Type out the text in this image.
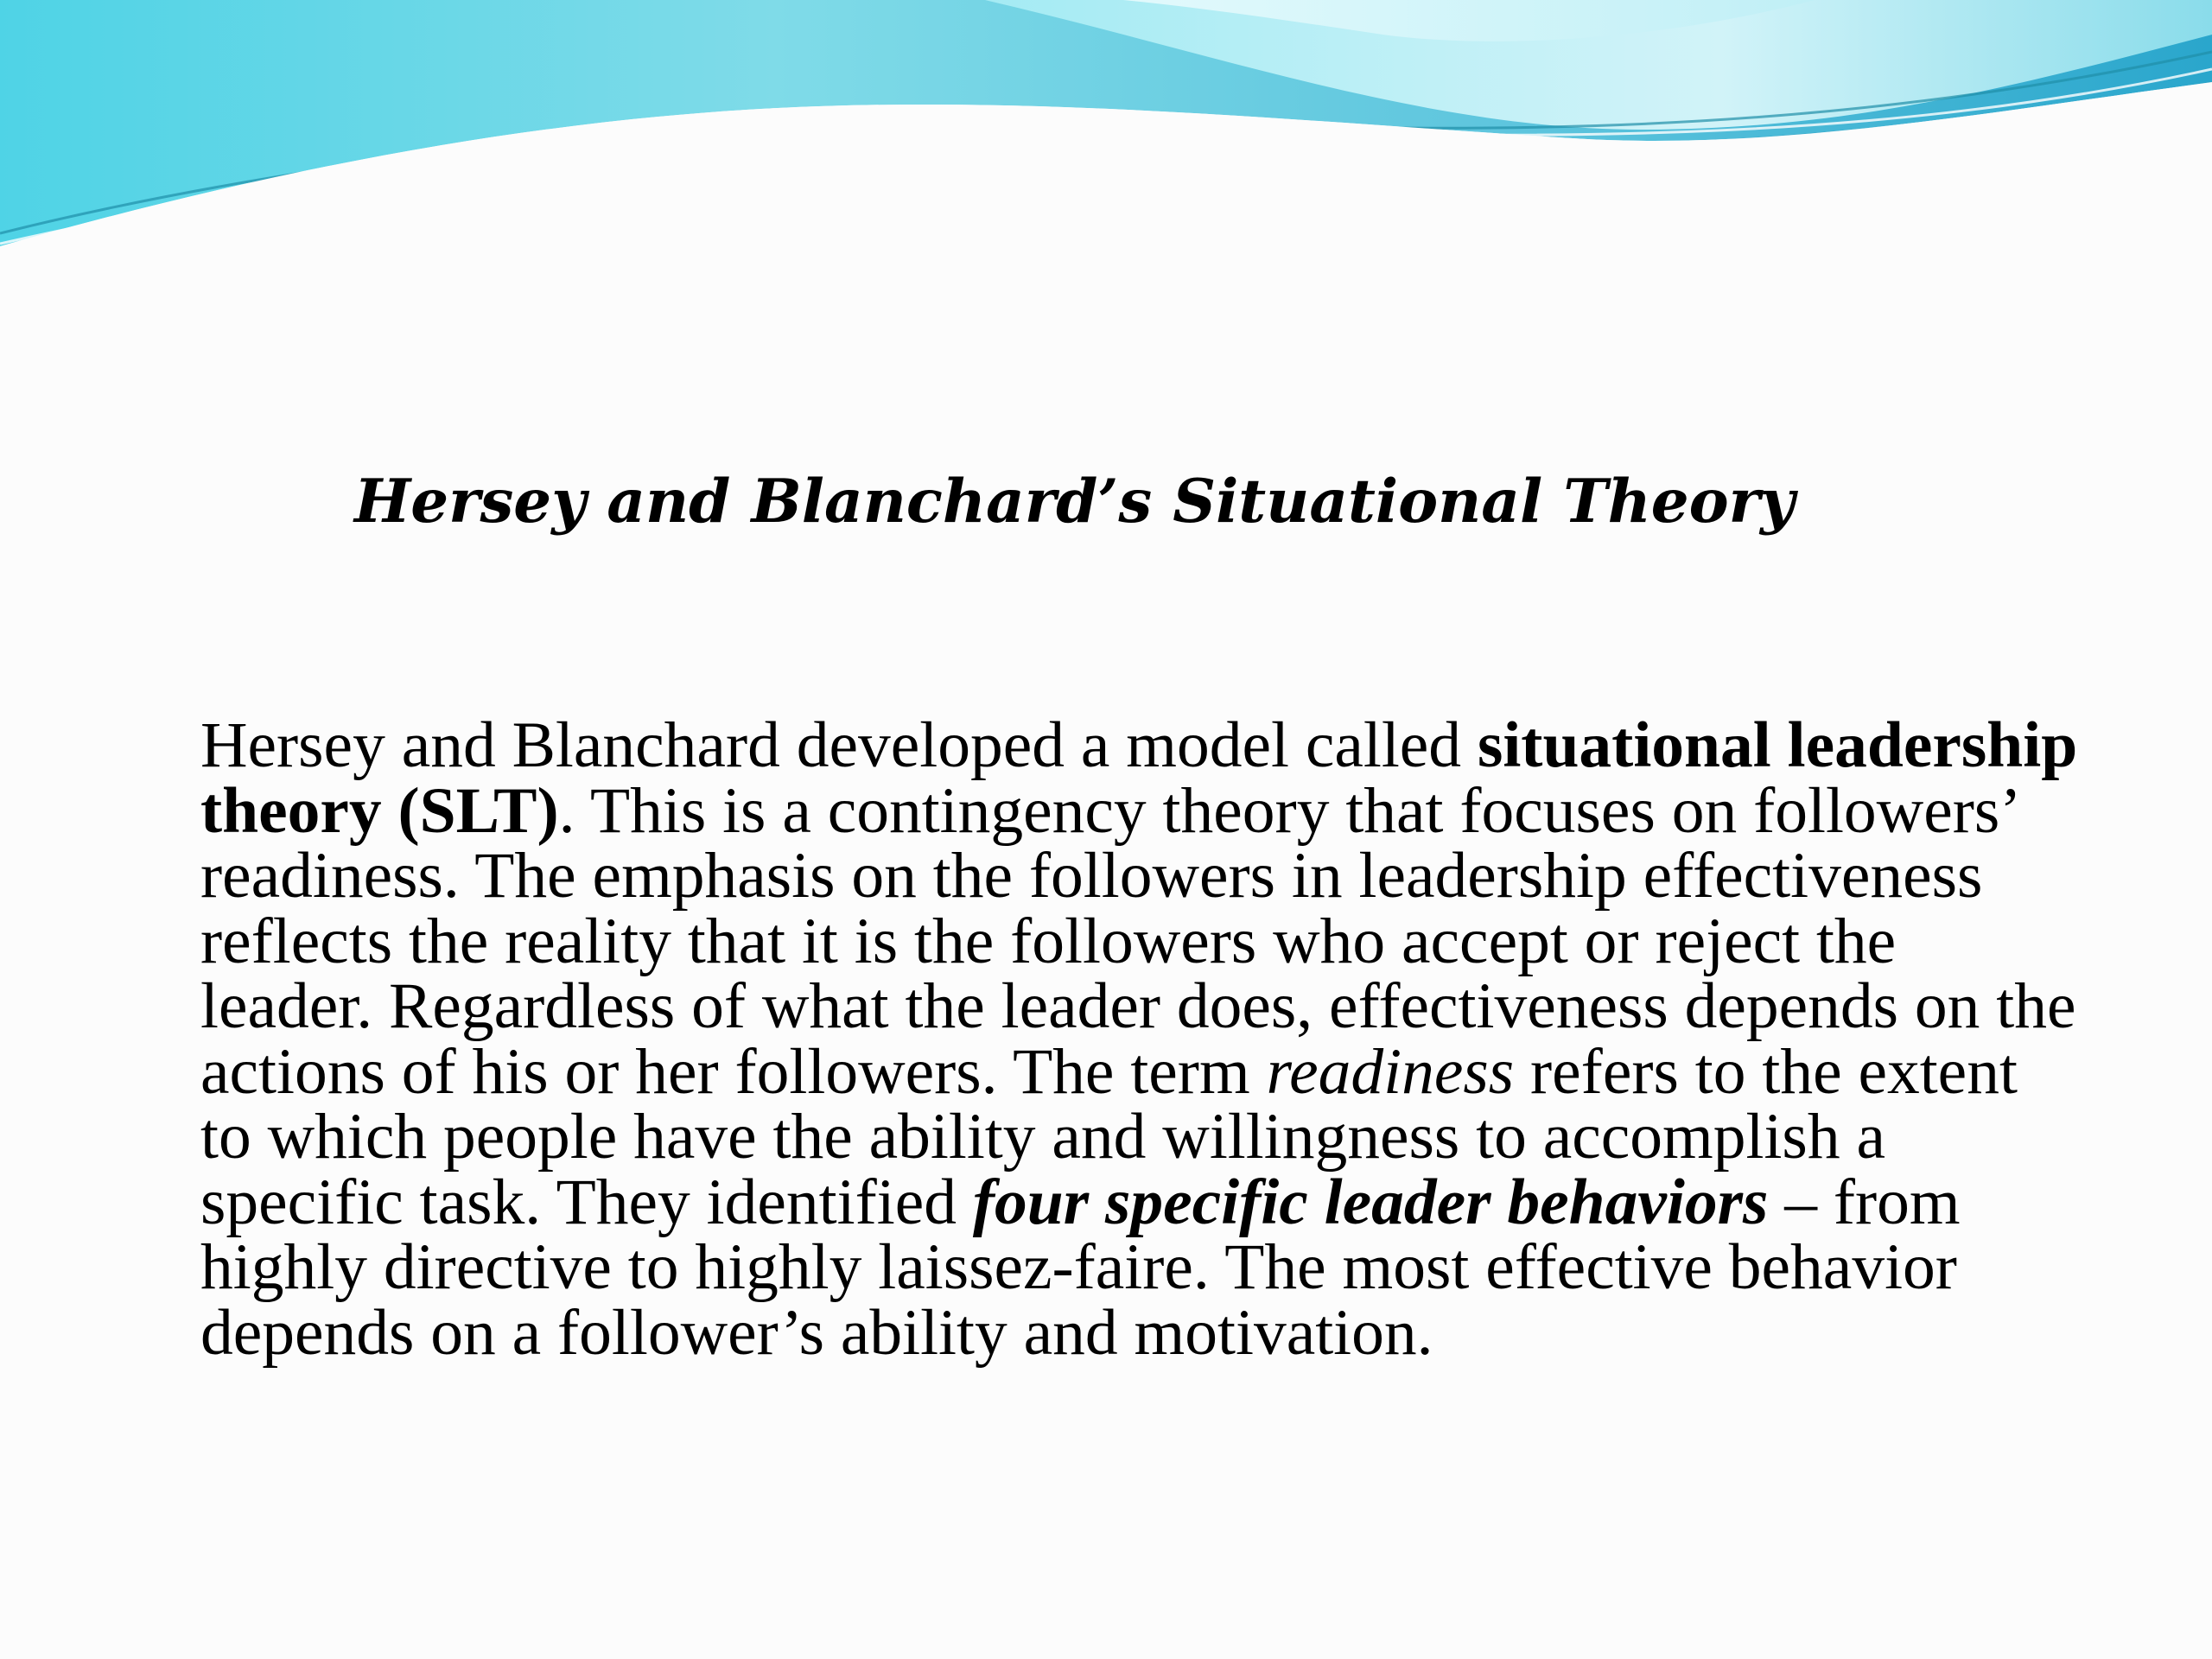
Hersey and Blanchard’s Situational Theory

Hersey and Blanchard developed a model called situational leadership theory (SLT). This is a contingency theory that focuses on followers’ readiness. The emphasis on the followers in leadership effectiveness reflects the reality that it is the followers who accept or reject the leader. Regardless of what the leader does, effectiveness depends on the actions of his or her followers. The term readiness refers to the extent to which people have the ability and willingness to accomplish a specific task. They identified four specific leader behaviors – from highly directive to highly laissez-faire. The most effective behavior depends on a follower’s ability and motivation.
